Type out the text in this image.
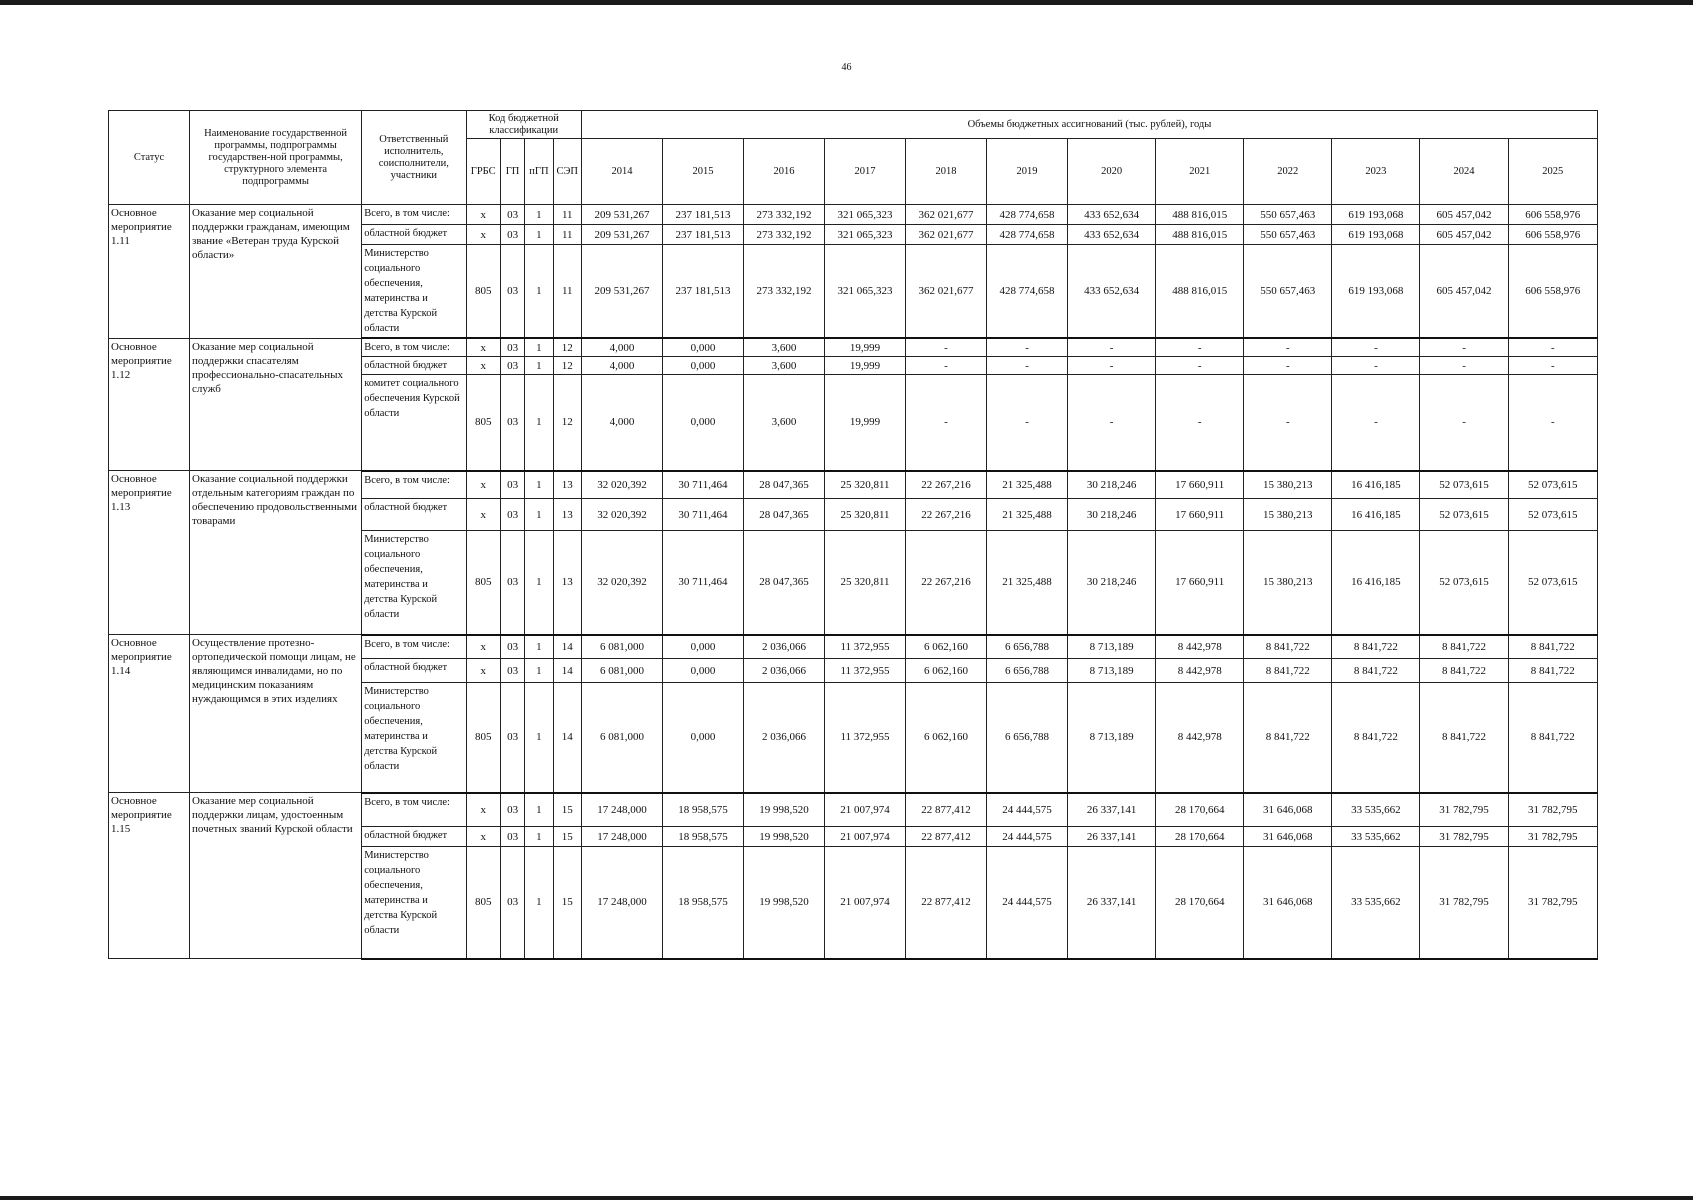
46
Статус	Наименование государственной программы, подпрограммы государствен-ной программы, структурного элемента подпрограммы	Ответственный исполнитель, соисполнители, участники	Код бюджетной классификации				Объемы бюджетных ассигнований (тыс. рублей), годы											
			ГРБС	ГП	пГП	СЭП	2014	2015	2016	2017	2018	2019	2020	2021	2022	2023	2024	2025
Основное мероприятие 1.11	Оказание мер социальной поддержки гражданам, имеющим звание «Ветеран труда Курской области»	Всего, в том числе:	х	03	1	11	209 531,267	237 181,513	273 332,192	321 065,323	362 021,677	428 774,658	433 652,634	488 816,015	550 657,463	619 193,068	605 457,042	606 558,976
		областной бюджет	х	03	1	11	209 531,267	237 181,513	273 332,192	321 065,323	362 021,677	428 774,658	433 652,634	488 816,015	550 657,463	619 193,068	605 457,042	606 558,976
		Министерство социального обеспечения, материнства и детства Курской области	805	03	1	11	209 531,267	237 181,513	273 332,192	321 065,323	362 021,677	428 774,658	433 652,634	488 816,015	550 657,463	619 193,068	605 457,042	606 558,976
Основное мероприятие 1.12	Оказание мер социальной поддержки спасателям профессионально-спасательных служб	Всего, в том числе:	х	03	1	12	4,000	0,000	3,600	19,999	-	-	-	-	-	-	-	-
		областной бюджет	х	03	1	12	4,000	0,000	3,600	19,999	-	-	-	-	-	-	-	-
		комитет социального обеспечения Курской области	805	03	1	12	4,000	0,000	3,600	19,999	-	-	-	-	-	-	-	-
Основное мероприятие 1.13	Оказание социальной поддержки отдельным категориям граждан по обеспечению продовольственными товарами	Всего, в том числе:	х	03	1	13	32 020,392	30 711,464	28 047,365	25 320,811	22 267,216	21 325,488	30 218,246	17 660,911	15 380,213	16 416,185	52 073,615	52 073,615
		областной бюджет	х	03	1	13	32 020,392	30 711,464	28 047,365	25 320,811	22 267,216	21 325,488	30 218,246	17 660,911	15 380,213	16 416,185	52 073,615	52 073,615
		Министерство социального обеспечения, материнства и детства Курской области	805	03	1	13	32 020,392	30 711,464	28 047,365	25 320,811	22 267,216	21 325,488	30 218,246	17 660,911	15 380,213	16 416,185	52 073,615	52 073,615
Основное мероприятие 1.14	Осуществление протезно-ортопедической помощи лицам, не являющимся инвалидами, но по медицинским показаниям нуждающимся в этих изделиях	Всего, в том числе:	х	03	1	14	6 081,000	0,000	2 036,066	11 372,955	6 062,160	6 656,788	8 713,189	8 442,978	8 841,722	8 841,722	8 841,722	8 841,722
		областной бюджет	х	03	1	14	6 081,000	0,000	2 036,066	11 372,955	6 062,160	6 656,788	8 713,189	8 442,978	8 841,722	8 841,722	8 841,722	8 841,722
		Министерство социального обеспечения, материнства и детства Курской области	805	03	1	14	6 081,000	0,000	2 036,066	11 372,955	6 062,160	6 656,788	8 713,189	8 442,978	8 841,722	8 841,722	8 841,722	8 841,722
Основное мероприятие 1.15	Оказание мер социальной поддержки лицам, удостоенным почетных званий Курской области	Всего, в том числе:	х	03	1	15	17 248,000	18 958,575	19 998,520	21 007,974	22 877,412	24 444,575	26 337,141	28 170,664	31 646,068	33 535,662	31 782,795	31 782,795
		областной бюджет	х	03	1	15	17 248,000	18 958,575	19 998,520	21 007,974	22 877,412	24 444,575	26 337,141	28 170,664	31 646,068	33 535,662	31 782,795	31 782,795
		Министерство социального обеспечения, материнства и детства Курской области	805	03	1	15	17 248,000	18 958,575	19 998,520	21 007,974	22 877,412	24 444,575	26 337,141	28 170,664	31 646,068	33 535,662	31 782,795	31 782,795
